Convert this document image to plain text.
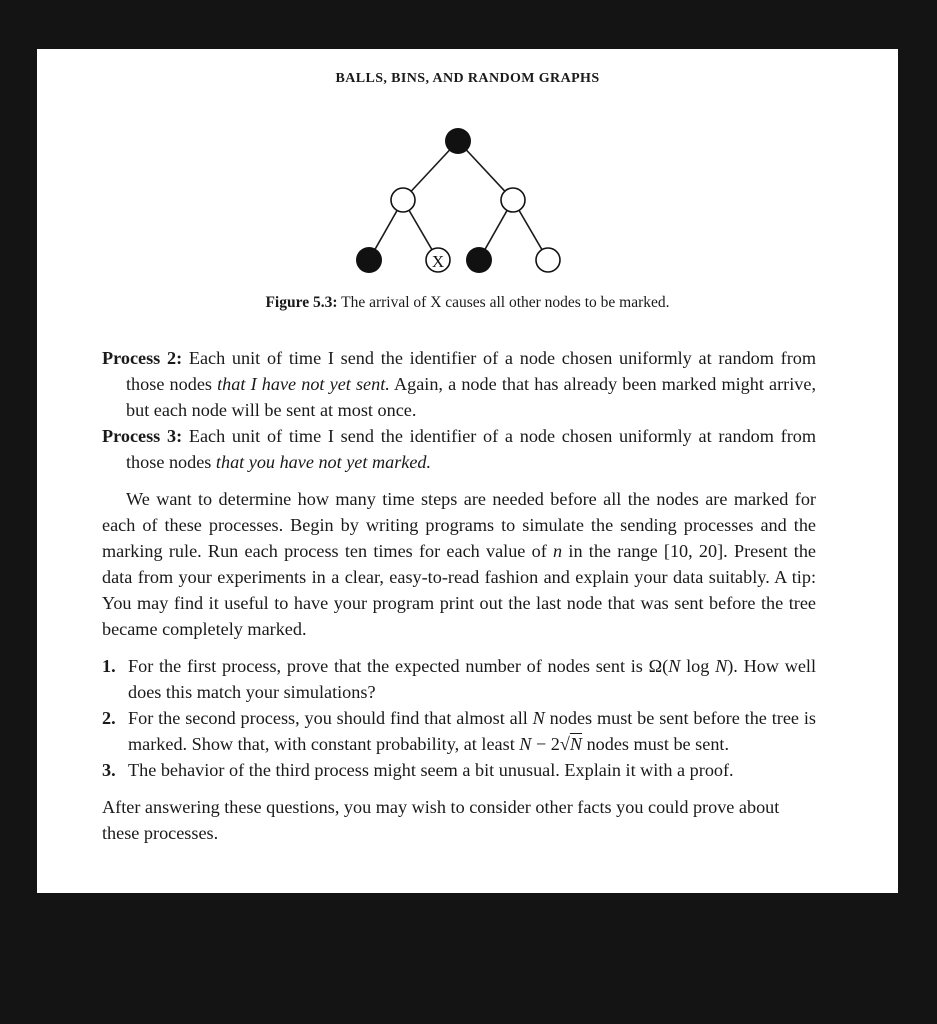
BALLS, BINS, AND RANDOM GRAPHS
X
Figure 5.3: The arrival of X causes all other nodes to be marked.
Process 2: Each unit of time I send the identifier of a node chosen uniformly at random from those nodes that I have not yet sent. Again, a node that has already been marked might arrive, but each node will be sent at most once.
Process 3: Each unit of time I send the identifier of a node chosen uniformly at random from those nodes that you have not yet marked.
We want to determine how many time steps are needed before all the nodes are marked for each of these processes. Begin by writing programs to simulate the sending processes and the marking rule. Run each process ten times for each value of n in the range [10, 20]. Present the data from your experiments in a clear, easy-to-read fashion and explain your data suitably. A tip: You may find it useful to have your program print out the last node that was sent before the tree became completely marked.
1. For the first process, prove that the expected number of nodes sent is Ω(N log N). How well does this match your simulations?
2. For the second process, you should find that almost all N nodes must be sent before the tree is marked. Show that, with constant probability, at least N − 2√N nodes must be sent.
3. The behavior of the third process might seem a bit unusual. Explain it with a proof.
After answering these questions, you may wish to consider other facts you could prove about these processes.
